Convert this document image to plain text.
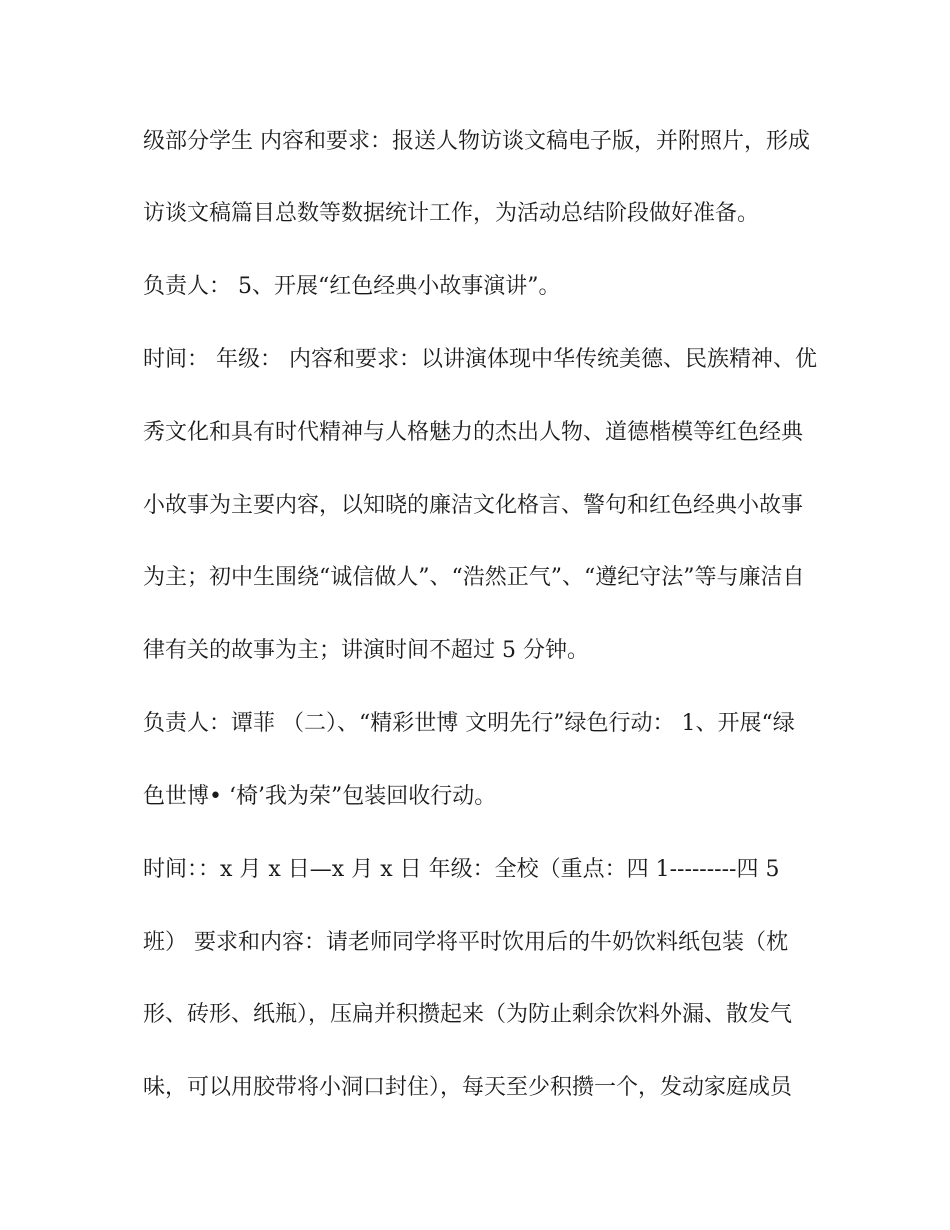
级部分学生 内容和要求：报送人物访谈文稿电子版，并附照片，形成

访谈文稿篇目总数等数据统计工作，为活动总结阶段做好准备。

负责人： 5、开展“红色经典小故事演讲”。

时间： 年级： 内容和要求：以讲演体现中华传统美德、民族精神、优

秀文化和具有时代精神与人格魅力的杰出人物、道德楷模等红色经典

小故事为主要内容，以知晓的廉洁文化格言、警句和红色经典小故事

为主；初中生围绕“诚信做人”、“浩然正气”、“遵纪守法”等与廉洁自

律有关的故事为主；讲演时间不超过 5 分钟。

负责人：谭菲 （二）、“精彩世博 文明先行”绿色行动： 1、开展“绿

色世博• ‘椅’我为荣”包装回收行动。

时间：：x 月 x 日—x 月 x 日 年级：全校（重点：四 1---------四 5

班） 要求和内容：请老师同学将平时饮用后的牛奶饮料纸包装（枕

形、砖形、纸瓶），压扁并积攒起来（为防止剩余饮料外漏、散发气

味，可以用胶带将小洞口封住），每天至少积攒一个，发动家庭成员
